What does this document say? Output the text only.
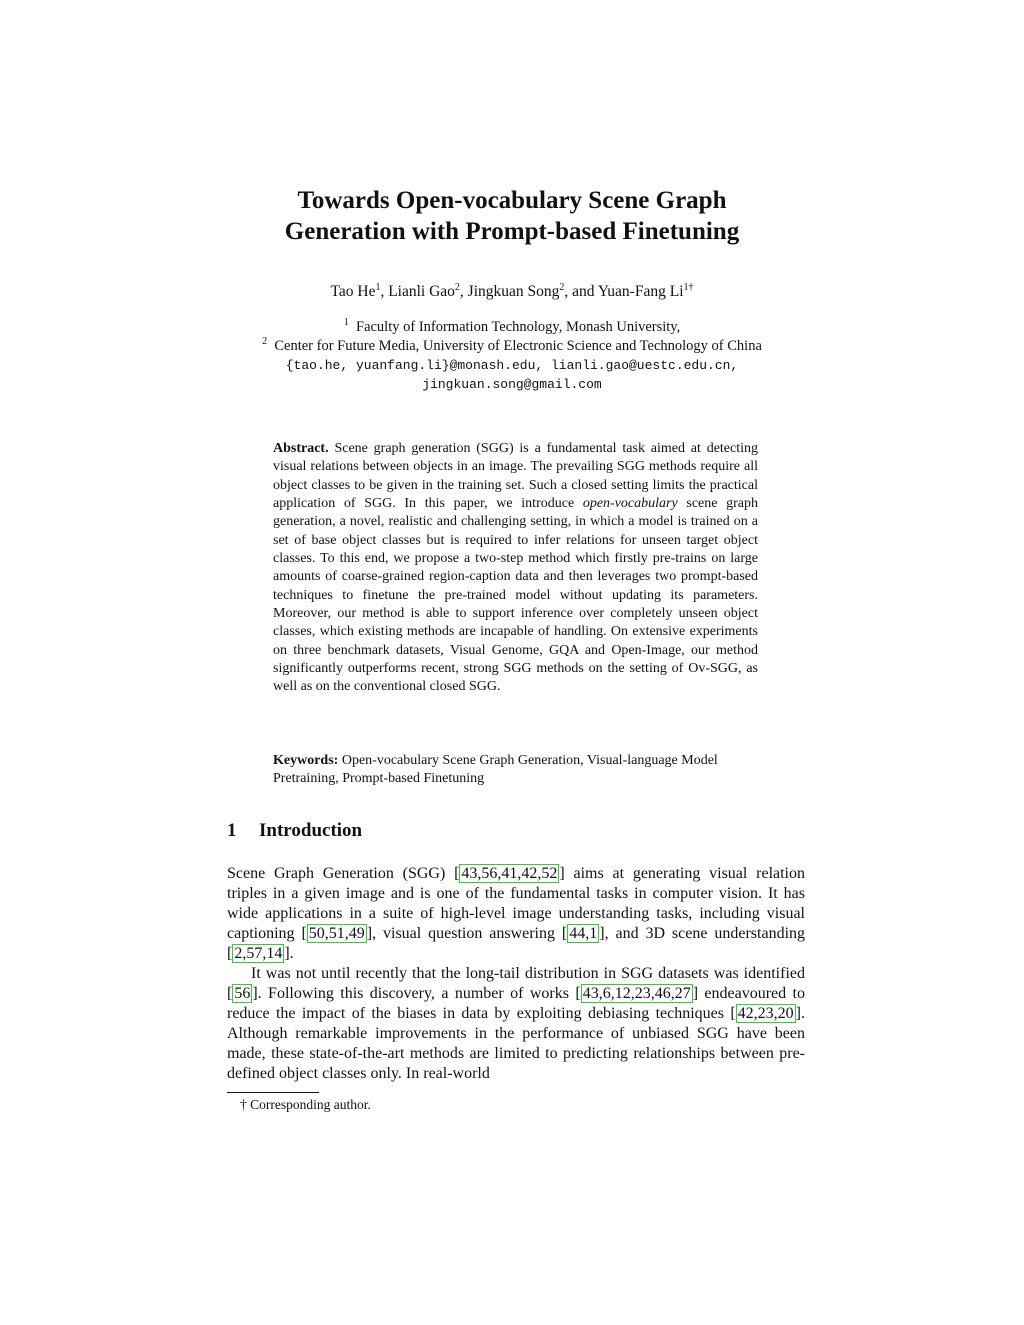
Towards Open-vocabulary Scene Graph
Generation with Prompt-based Finetuning
Tao He$^1$, Lianli Gao$^2$, Jingkuan Song$^2$, and Yuan-Fang $Li^{1\dagger}$
$^1$ Faculty of Information Technology, Monash University,
$^2$ Center for Future Media, University of Electronic Science and Technology of China
{tao.he, yuanfang.li}@monash.edu, lianli.gao@uestc.edu.cn,
jingkuan.song@gmail.com
Abstract. Scene graph generation (SGG) is a fundamental task aimed at detecting visual relations between objects in an image. The prevailing SGG methods require all object classes to be given in the training set. Such a closed setting limits the practical application of SGG. In this paper, we introduce open-vocabulary scene graph generation, a novel, realistic and challenging setting, in which a model is trained on a set of base object classes but is required to infer relations for unseen target object classes. To this end, we propose a two-step method which firstly pre-trains on large amounts of coarse-grained region-caption data and then leverages two prompt-based techniques to finetune the pre-trained model without updating its parameters. Moreover, our method is able to support inference over completely unseen object classes, which existing methods are incapable of handling. On extensive experiments on three benchmark datasets, Visual Genome, GQA and Open-Image, our method significantly outperforms recent, strong SGG methods on the setting of Ov-SGG, as well as on the conventional closed SGG.
Keywords: Open-vocabulary Scene Graph Generation, Visual-language Model Pretraining, Prompt-based Finetuning
1 Introduction

Scene Graph Generation (SGG) [ 43,56,41,42,52 ] aims at generating visual relation triples in a given image and is one of the fundamental tasks in computer vision. It has wide applications in a suite of high-level image understanding tasks, including visual captioning [ 50,51,49 ], visual question answering [ 44,1 ], and 3D scene understanding [ 2,57,14 ].

It was not until recently that the long-tail distribution in SGG datasets was identified [ 56 ]. Following this discovery, a number of works [ 43,6,12,23,46,27 ] endeavoured to reduce the impact of the biases in data by exploiting debiasing techniques [ 42,23,20 ]. Although remarkable improvements in the performance of unbiased SGG have been made, these state-of-the-art methods are limited to predicting relationships between pre-defined object classes only. In real-world

† Corresponding author.
